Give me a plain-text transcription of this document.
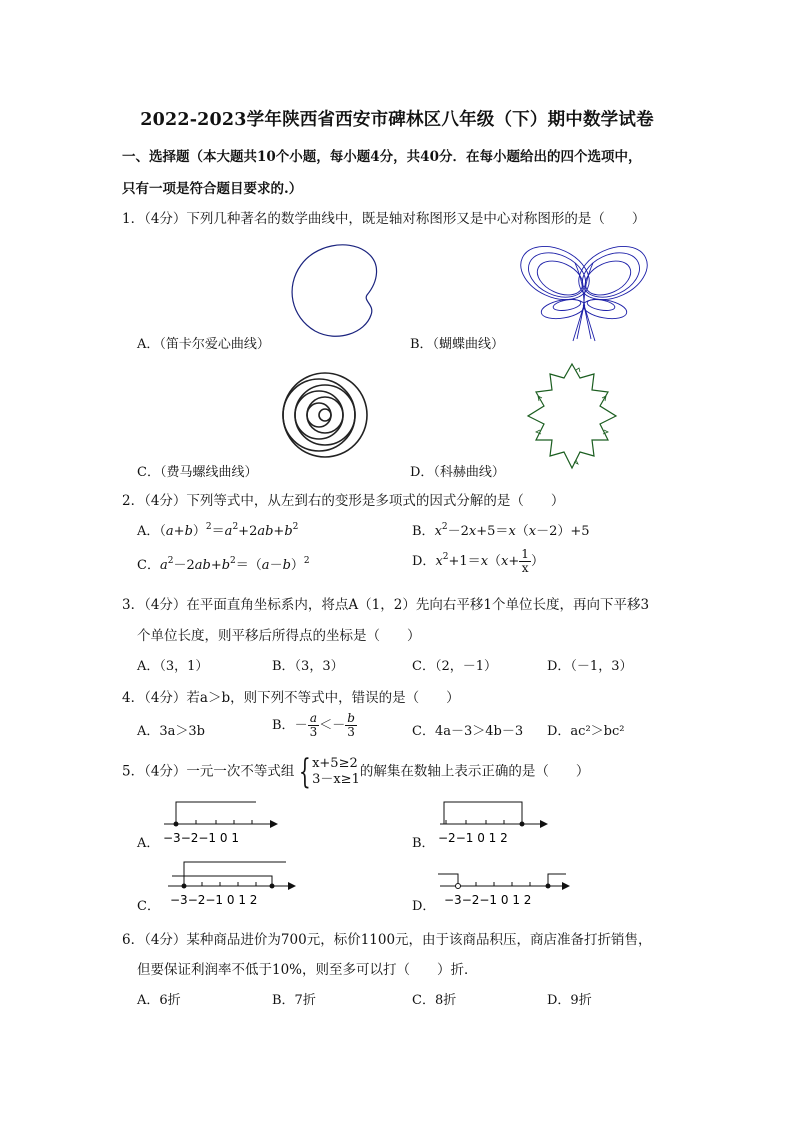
2022-2023学年陕西省西安市碑林区八年级（下）期中数学试卷
一、选择题（本大题共10个小题，每小题4分，共40分．在每小题给出的四个选项中，
只有一项是符合题目要求的.）
1．（4分）下列几种著名的数学曲线中，既是轴对称图形又是中心对称图形的是（　　）
A．（笛卡尔爱心曲线）	B．（蝴蝶曲线）
C．（费马螺线曲线）	D．（科赫曲线）
2．（4分）下列等式中，从左到右的变形是多项式的因式分解的是（　　）
A．$(a+b)^2=a^2+2ab+b^2$	B．$x^2-2x+5=x(x-2)+5$
C．$a^2-2ab+b^2=(a-b)^2$	D．$x^2+1=x(x+ \frac{1}{x}$ ）
3．（4分）在平面直角坐标系内，将点A（1，2）先向右平移1个单位长度，再向下平移3
个单位长度，则平移后所得点的坐标是（　　）
A．（3，1）	B．（3，3）	C．（2，－1）	D．（－1，3）
4．（4分）若a＞b，则下列不等式中，错误的是（　　）
A．3a＞3b	B．－ $\frac{a}{3} <- \frac{b}{3}$	C．4a－3＞4b－3 D．ac²＞bc²
5．（4分）一元一次不等式组 { x+5≥2
3－x≥1 的解集在数轴上表示正确的是（　　）
A． −3−2−1 0 1	B． −2−1 0 1 2
C． −3−2−1 0 1 2	D． −3−2−1 0 1 2
6．（4分）某种商品进价为700元，标价1100元，由于该商品积压，商店准备打折销售，
但要保证利润率不低于10%，则至多可以打（　　）折．
A．6折	B．7折	C．8折	D．9折
